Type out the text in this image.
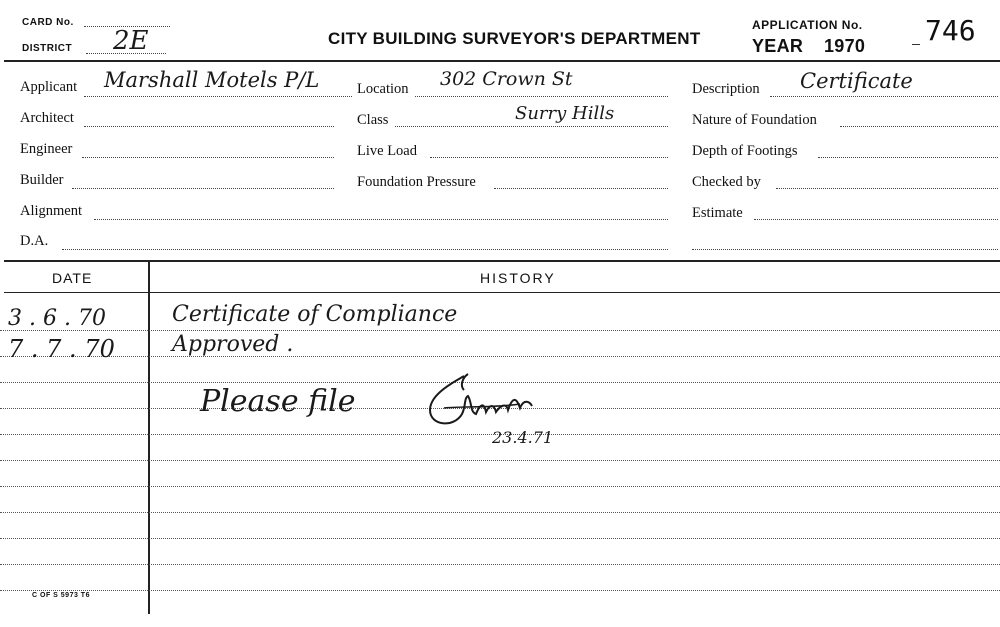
CARD No.
DISTRICT 2E	CITY BUILDING SURVEYOR'S DEPARTMENT
APPLICATION No. 746
YEAR 1970
Applicant Marshall Motels P/L
Architect
Engineer
Builder
Alignment
D.A.
Location 302 Crown St
Class	Surry Hills
Live Load
Foundation Pressure
Description Certificate
Nature of Foundation
Depth of Footings
Checked by
Estimate
DATE	HISTORY
3 . 6 . 70	Certificate of Compliance
7 . 7 . 70	Approved .
Please file
23.4.71
C OF S 5973 T6
